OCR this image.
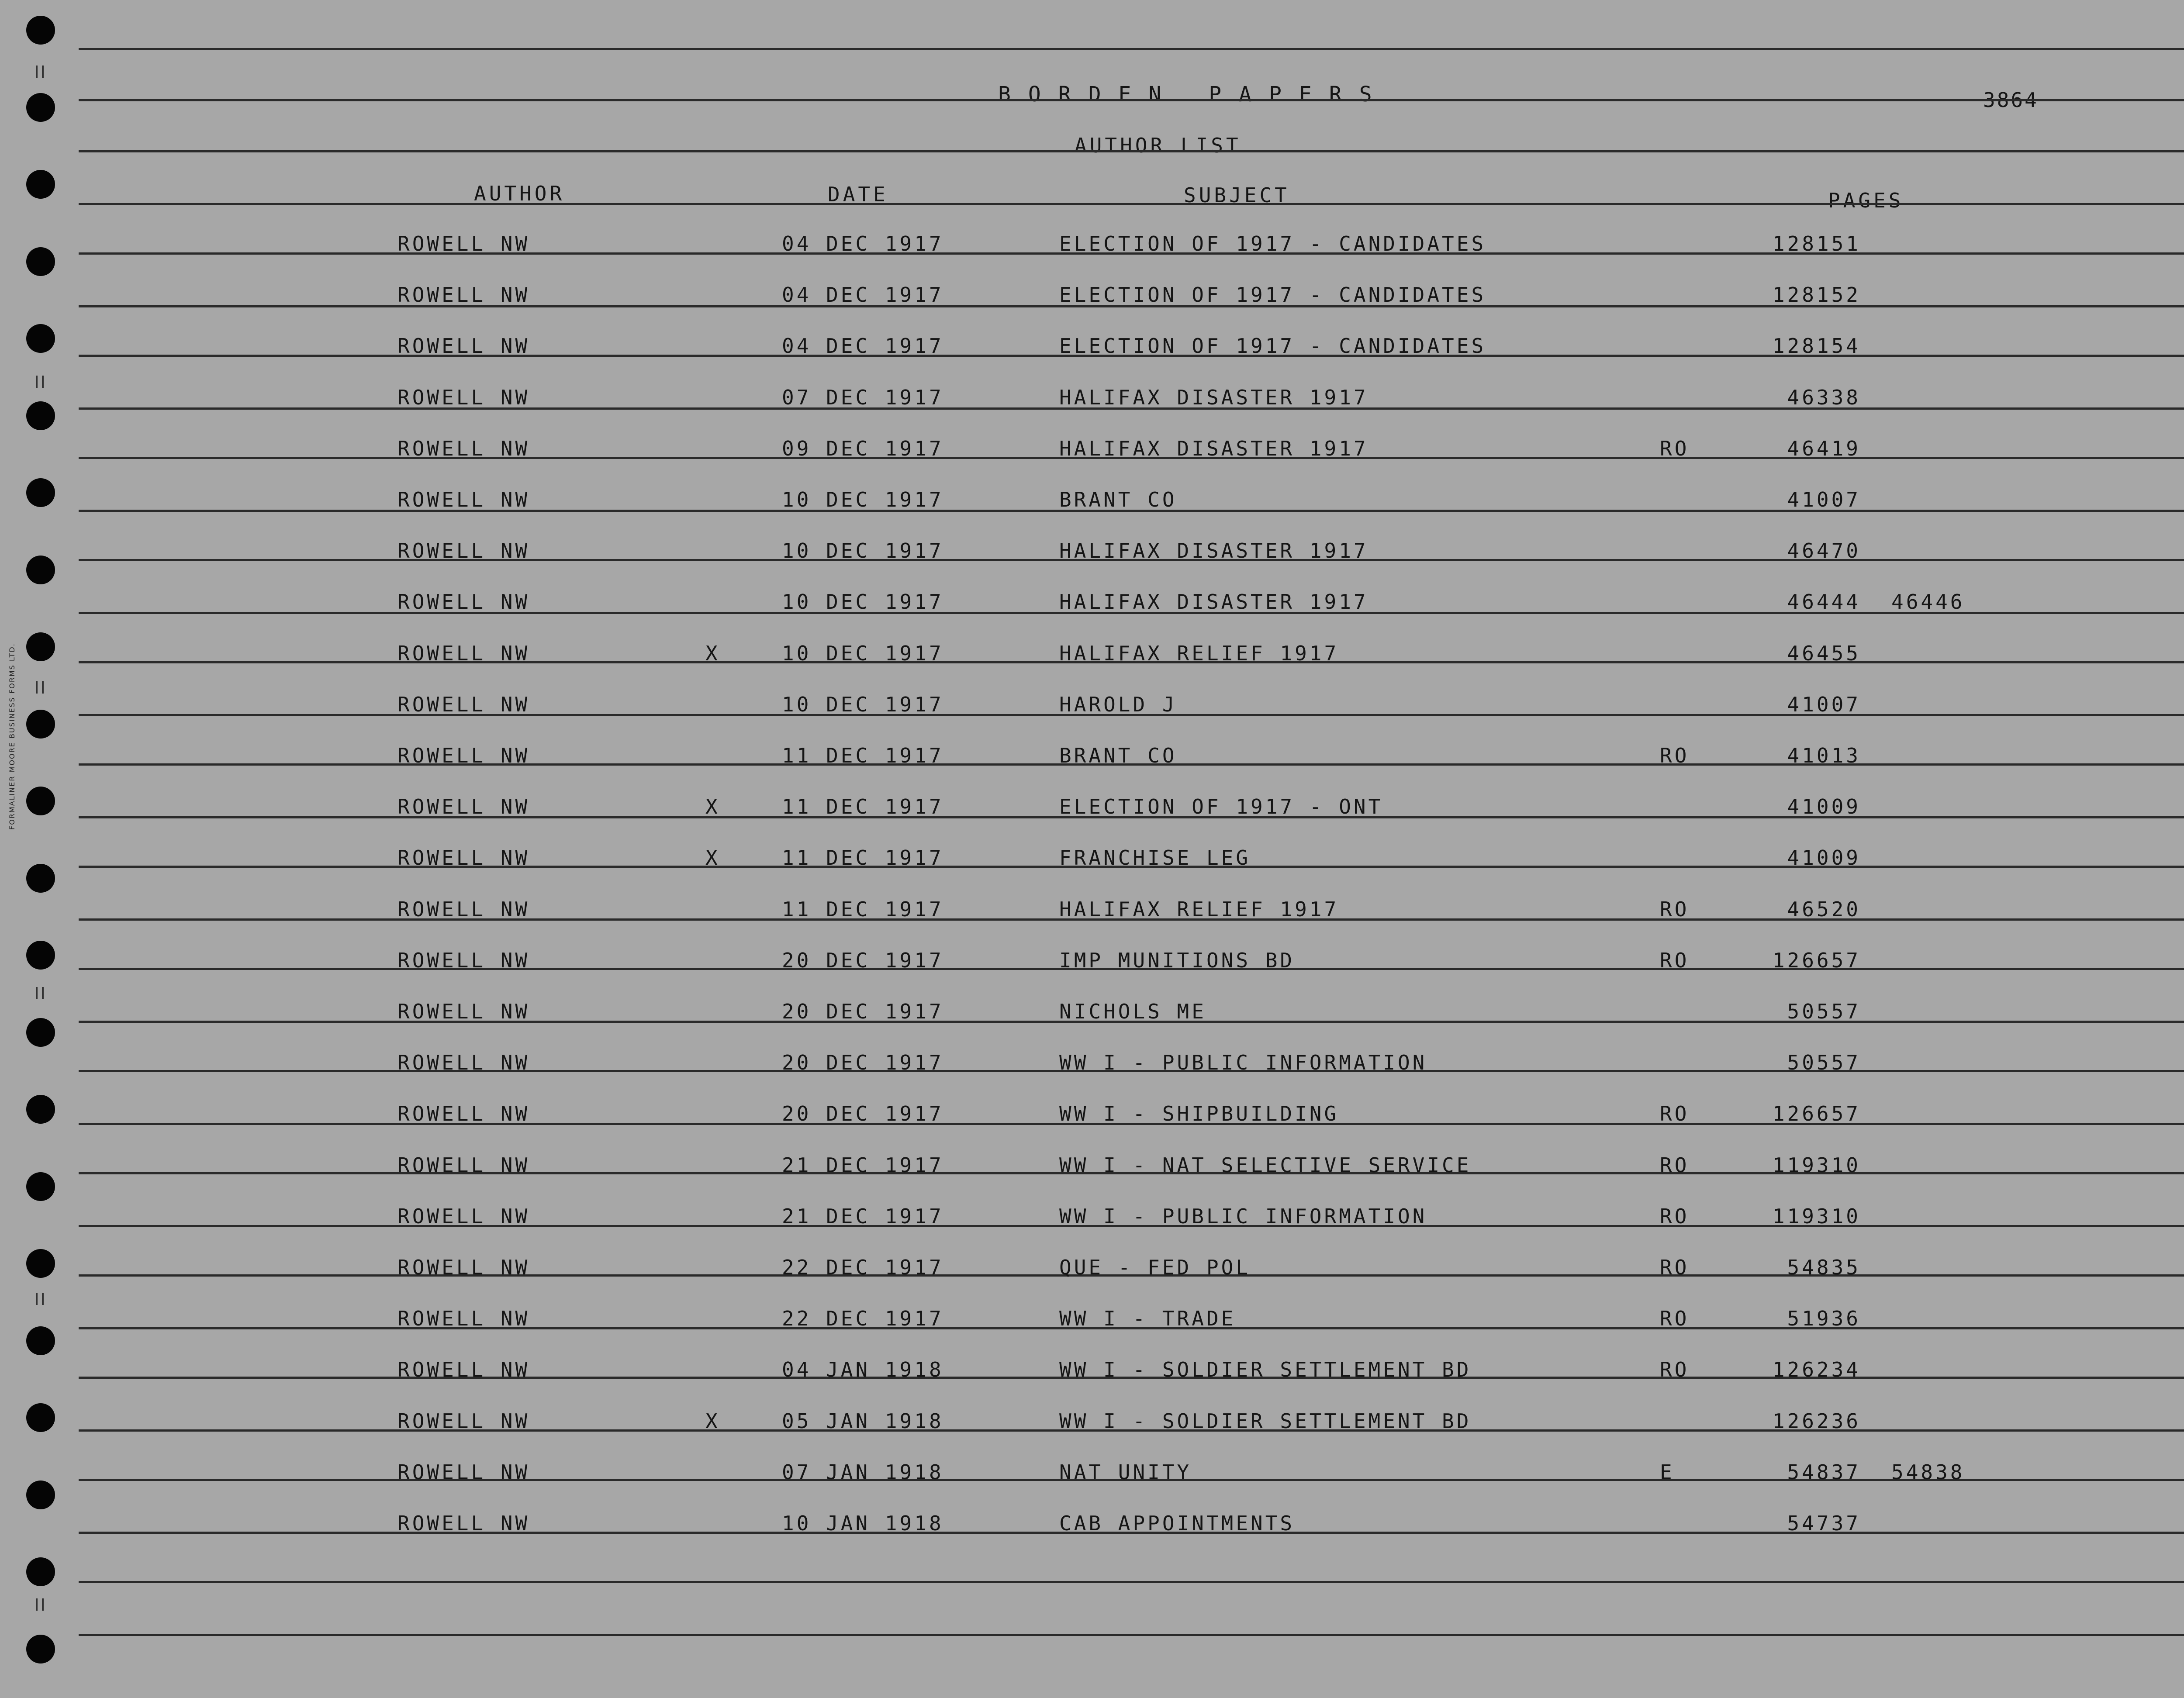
BORDEN PAPERS	3864
AUTHOR LIST
AUTHOR	DATE	SUBJECT	PAGES
FORMALINER MOORE BUSINESS FORMS LTD.
ROWELL NW	04 DEC 1917	ELECTION OF 1917 - CANDIDATES	128151
ROWELL NW	04 DEC 1917	ELECTION OF 1917 - CANDIDATES	128152
ROWELL NW	04 DEC 1917	ELECTION OF 1917 - CANDIDATES	128154
ROWELL NW	07 DEC 1917	HALIFAX DISASTER 1917	46338
ROWELL NW	09 DEC 1917	HALIFAX DISASTER 1917	RO	46419
ROWELL NW	10 DEC 1917	BRANT CO	41007
ROWELL NW	10 DEC 1917	HALIFAX DISASTER 1917	46470
ROWELL NW	10 DEC 1917	HALIFAX DISASTER 1917	46444 46446
ROWELL NW	X	10 DEC 1917	HALIFAX RELIEF 1917	46455
ROWELL NW	10 DEC 1917	HAROLD J	41007
ROWELL NW	11 DEC 1917	BRANT CO	RO	41013
ROWELL NW	X	11 DEC 1917	ELECTION OF 1917 - ONT	41009
ROWELL NW	X	11 DEC 1917	FRANCHISE LEG	41009
ROWELL NW	11 DEC 1917	HALIFAX RELIEF 1917	RO	46520
ROWELL NW	20 DEC 1917	IMP MUNITIONS BD	RO	126657
ROWELL NW	20 DEC 1917	NICHOLS ME	50557
ROWELL NW	20 DEC 1917	WW I - PUBLIC INFORMATION	50557
ROWELL NW	20 DEC 1917	WW I - SHIPBUILDING	RO	126657
ROWELL NW	21 DEC 1917	WW I - NAT SELECTIVE SERVICE	RO	119310
ROWELL NW	21 DEC 1917	WW I - PUBLIC INFORMATION	RO	119310
ROWELL NW	22 DEC 1917	QUE - FED POL	RO	54835
ROWELL NW	22 DEC 1917	WW I - TRADE	RO	51936
ROWELL NW	04 JAN 1918	WW I - SOLDIER SETTLEMENT BD	RO	126234
ROWELL NW	X	05 JAN 1918	WW I - SOLDIER SETTLEMENT BD	126236
ROWELL NW	07 JAN 1918	NAT UNITY	E	54837 54838
ROWELL NW	10 JAN 1918	CAB APPOINTMENTS	54737
